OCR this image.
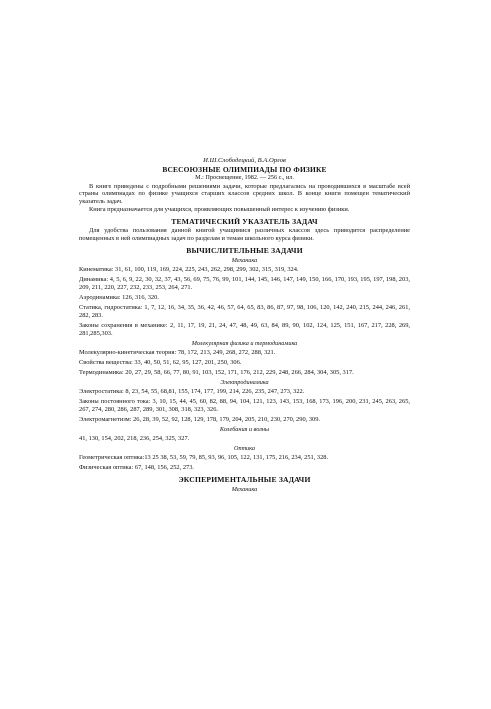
И.Ш.Слободецкий, В.А.Орлов
ВСЕСОЮЗНЫЕ ОЛИМПИАДЫ ПО ФИЗИКЕ
М.: Просвещение, 1982. — 256 с., ил.

В книге приведены с подробными решениями задачи, которые предлагались на проводившихся в масштабе всей страны олимпиадах по физике учащихся старших классов средних школ. В конце книги помещен тематический указатель задач.

Книга предназначается для учащихся, проявляющих повышенный интерес к изучению физики.

ТЕМАТИЧЕСКИЙ УКАЗАТЕЛЬ ЗАДАЧ

Для удобства пользования данной книгой учащимися различных классов здесь приводится распределение помещенных в ней олимпиадных задач по разделам и темам школьного курса физики.

ВЫЧИСЛИТЕЛЬНЫЕ ЗАДАЧИ
Механика
Кинематика: 31, 61, 100, 119, 169, 224, 225, 243, 262, 298, 299, 302, 315, 319, 324.
Динамика: 4, 5, 6, 9, 22, 30, 32, 37, 43, 56, 69, 75, 76, 99, 101, 144, 145, 146, 147, 149, 150, 166, 170, 193, 195, 197, 198, 203, 209, 211, 220, 227, 232, 233, 253, 264, 271.
Аэродинамика: 126, 316, 320.
Статика, гидростатика: 1, 7, 12, 16, 34, 35, 36, 42, 46, 57, 64, 65, 83, 86, 87, 97, 98, 106, 120, 142, 240, 215, 244, 246, 261, 282, 283.
Законы сохранения в механике: 2, 11, 17, 19, 21, 24, 47, 48, 49, 63, 84, 89, 90, 102, 124, 125, 151, 167, 217, 228, 269, 281,285,303.
Молекулярная физика и термодинамика
Молекулярно-кинетическая теория: 78, 172, 213, 249, 268, 272, 288, 321.
Свойства вещества: 33, 40, 50, 51, 62, 95, 127, 201, 250, 306.
Термодинамика: 20, 27, 29, 58, 66, 77, 80, 91, 103, 152, 171, 176, 212, 229, 248, 266, 284, 304, 305, 317.
Электродинамика
Электростатика: 8, 23, 54, 55, 68,81, 155, 174, 177, 199, 214, 226, 235, 247, 273, 322.
Законы постоянного тока: 3, 10, 15, 44, 45, 60, 82, 88, 94, 104, 121, 123, 143, 153, 168, 173, 196, 200, 231, 245, 263, 265, 267, 274, 280, 286, 287, 289, 301, 308, 318, 323, 326.
Электромагнетизм: 26, 28, 39, 52, 92, 128, 129, 178, 179, 204, 205, 210, 230, 270, 290, 309.
Колебания и волны
41, 130, 154, 202, 218, 236, 254, 325, 327.
Оптика
Геометрическая оптика:13 25 38, 53, 59, 79, 85, 93, 96, 105, 122, 131, 175, 216, 234, 251, 328.
Физическая оптика: 67, 148, 156, 252, 273.
ЭКСПЕРИМЕНТАЛЬНЫЕ ЗАДАЧИ
Механика
